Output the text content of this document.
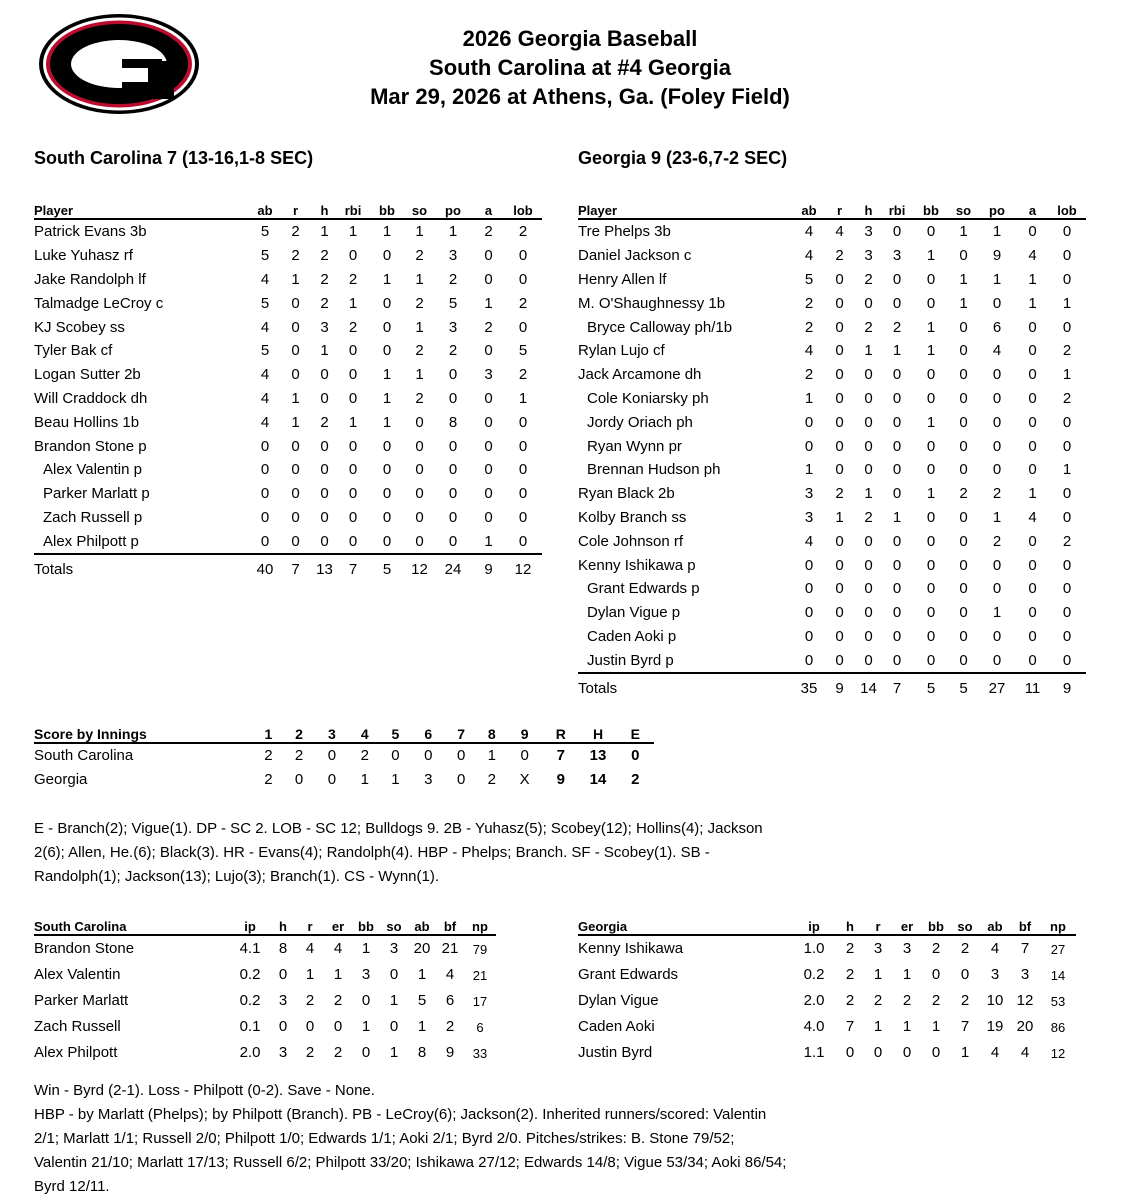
2026 Georgia Baseball
South Carolina at #4 Georgia
Mar 29, 2026 at Athens, Ga. (Foley Field)
South Carolina 7 (13-16,1-8 SEC)	Georgia 9 (23-6,7-2 SEC)
Player	ab	r	h	rbi	bb	so	po	a	lob
Patrick Evans 3b	5	2	1	1	1	1	1	2	2
Luke Yuhasz rf	5	2	2	0	0	2	3	0	0
Jake Randolph lf	4	1	2	2	1	1	2	0	0
Talmadge LeCroy c	5	0	2	1	0	2	5	1	2
KJ Scobey ss	4	0	3	2	0	1	3	2	0
Tyler Bak cf	5	0	1	0	0	2	2	0	5
Logan Sutter 2b	4	0	0	0	1	1	0	3	2
Will Craddock dh	4	1	0	0	1	2	0	0	1
Beau Hollins 1b	4	1	2	1	1	0	8	0	0
Brandon Stone p	0	0	0	0	0	0	0	0	0
Alex Valentin p	0	0	0	0	0	0	0	0	0
Parker Marlatt p	0	0	0	0	0	0	0	0	0
Zach Russell p	0	0	0	0	0	0	0	0	0
Alex Philpott p	0	0	0	0	0	0	0	1	0
Totals	40	7	13	7	5	12	24	9	12
Player	ab	r	h	rbi	bb	so	po	a	lob
Tre Phelps 3b	4	4	3	0	0	1	1	0	0
Daniel Jackson c	4	2	3	3	1	0	9	4	0
Henry Allen lf	5	0	2	0	0	1	1	1	0
M. O'Shaughnessy 1b	2	0	0	0	0	1	0	1	1
Bryce Calloway ph/1b	2	0	2	2	1	0	6	0	0
Rylan Lujo cf	4	0	1	1	1	0	4	0	2
Jack Arcamone dh	2	0	0	0	0	0	0	0	1
Cole Koniarsky ph	1	0	0	0	0	0	0	0	2
Jordy Oriach ph	0	0	0	0	1	0	0	0	0
Ryan Wynn pr	0	0	0	0	0	0	0	0	0
Brennan Hudson ph	1	0	0	0	0	0	0	0	1
Ryan Black 2b	3	2	1	0	1	2	2	1	0
Kolby Branch ss	3	1	2	1	0	0	1	4	0
Cole Johnson rf	4	0	0	0	0	0	2	0	2
Kenny Ishikawa p	0	0	0	0	0	0	0	0	0
Grant Edwards p	0	0	0	0	0	0	0	0	0
Dylan Vigue p	0	0	0	0	0	0	1	0	0
Caden Aoki p	0	0	0	0	0	0	0	0	0
Justin Byrd p	0	0	0	0	0	0	0	0	0
Totals	35	9	14	7	5	5	27	11	9
Score by Innings	1	2	3	4	5	6	7	8	9	R	H	E
South Carolina	2	2	0	2	0	0	0	1	0	7	13	0
Georgia	2	0	0	1	1	3	0	2	X	9	14	2
E - Branch(2); Vigue(1). DP - SC 2. LOB - SC 12; Bulldogs 9. 2B - Yuhasz(5); Scobey(12); Hollins(4); Jackson
2(6); Allen, He.(6); Black(3). HR - Evans(4); Randolph(4). HBP - Phelps; Branch. SF - Scobey(1). SB -
Randolph(1); Jackson(13); Lujo(3); Branch(1). CS - Wynn(1).
South Carolina	ip	h	r	er	bb	so	ab	bf	np
Brandon Stone	4.1	8	4	4	1	3	20	21	79
Alex Valentin	0.2	0	1	1	3	0	1	4	21
Parker Marlatt	0.2	3	2	2	0	1	5	6	17
Zach Russell	0.1	0	0	0	1	0	1	2	6
Alex Philpott	2.0	3	2	2	0	1	8	9	33
Georgia	ip	h	r	er	bb	so	ab	bf	np
Kenny Ishikawa	1.0	2	3	3	2	2	4	7	27
Grant Edwards	0.2	2	1	1	0	0	3	3	14
Dylan Vigue	2.0	2	2	2	2	2	10	12	53
Caden Aoki	4.0	7	1	1	1	7	19	20	86
Justin Byrd	1.1	0	0	0	0	1	4	4	12
Win - Byrd (2-1). Loss - Philpott (0-2). Save - None.
HBP - by Marlatt (Phelps); by Philpott (Branch). PB - LeCroy(6); Jackson(2). Inherited runners/scored: Valentin
2/1; Marlatt 1/1; Russell 2/0; Philpott 1/0; Edwards 1/1; Aoki 2/1; Byrd 2/0. Pitches/strikes: B. Stone 79/52;
Valentin 21/10; Marlatt 17/13; Russell 6/2; Philpott 33/20; Ishikawa 27/12; Edwards 14/8; Vigue 53/34; Aoki 86/54;
Byrd 12/11.
